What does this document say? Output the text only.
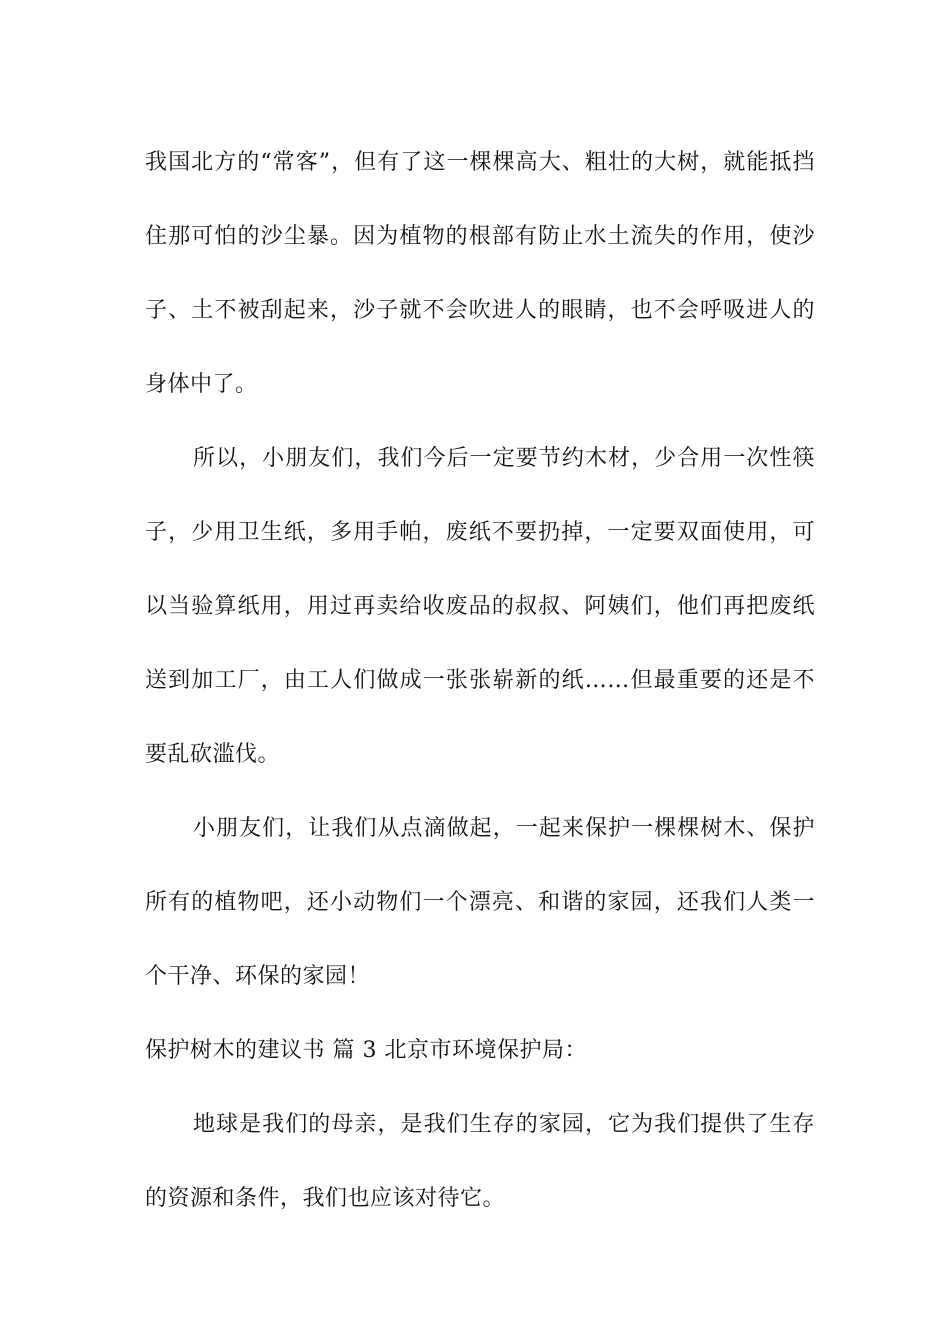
我国北方的“常客”，但有了这一棵棵高大、粗壮的大树，就能抵挡住那可怕的沙尘暴。因为植物的根部有防止水土流失的作用，使沙子、土不被刮起来，沙子就不会吹进人的眼睛，也不会呼吸进人的身体中了。

所以，小朋友们，我们今后一定要节约木材，少合用一次性筷子，少用卫生纸，多用手帕，废纸不要扔掉，一定要双面使用，可以当验算纸用，用过再卖给收废品的叔叔、阿姨们，他们再把废纸送到加工厂，由工人们做成一张张崭新的纸……但最重要的还是不要乱砍滥伐。

小朋友们，让我们从点滴做起，一起来保护一棵棵树木、保护所有的植物吧，还小动物们一个漂亮、和谐的家园，还我们人类一个干净、环保的家园！

保护树木的建议书 篇 3 北京市环境保护局：

地球是我们的母亲，是我们生存的家园，它为我们提供了生存的资源和条件，我们也应该对待它。
